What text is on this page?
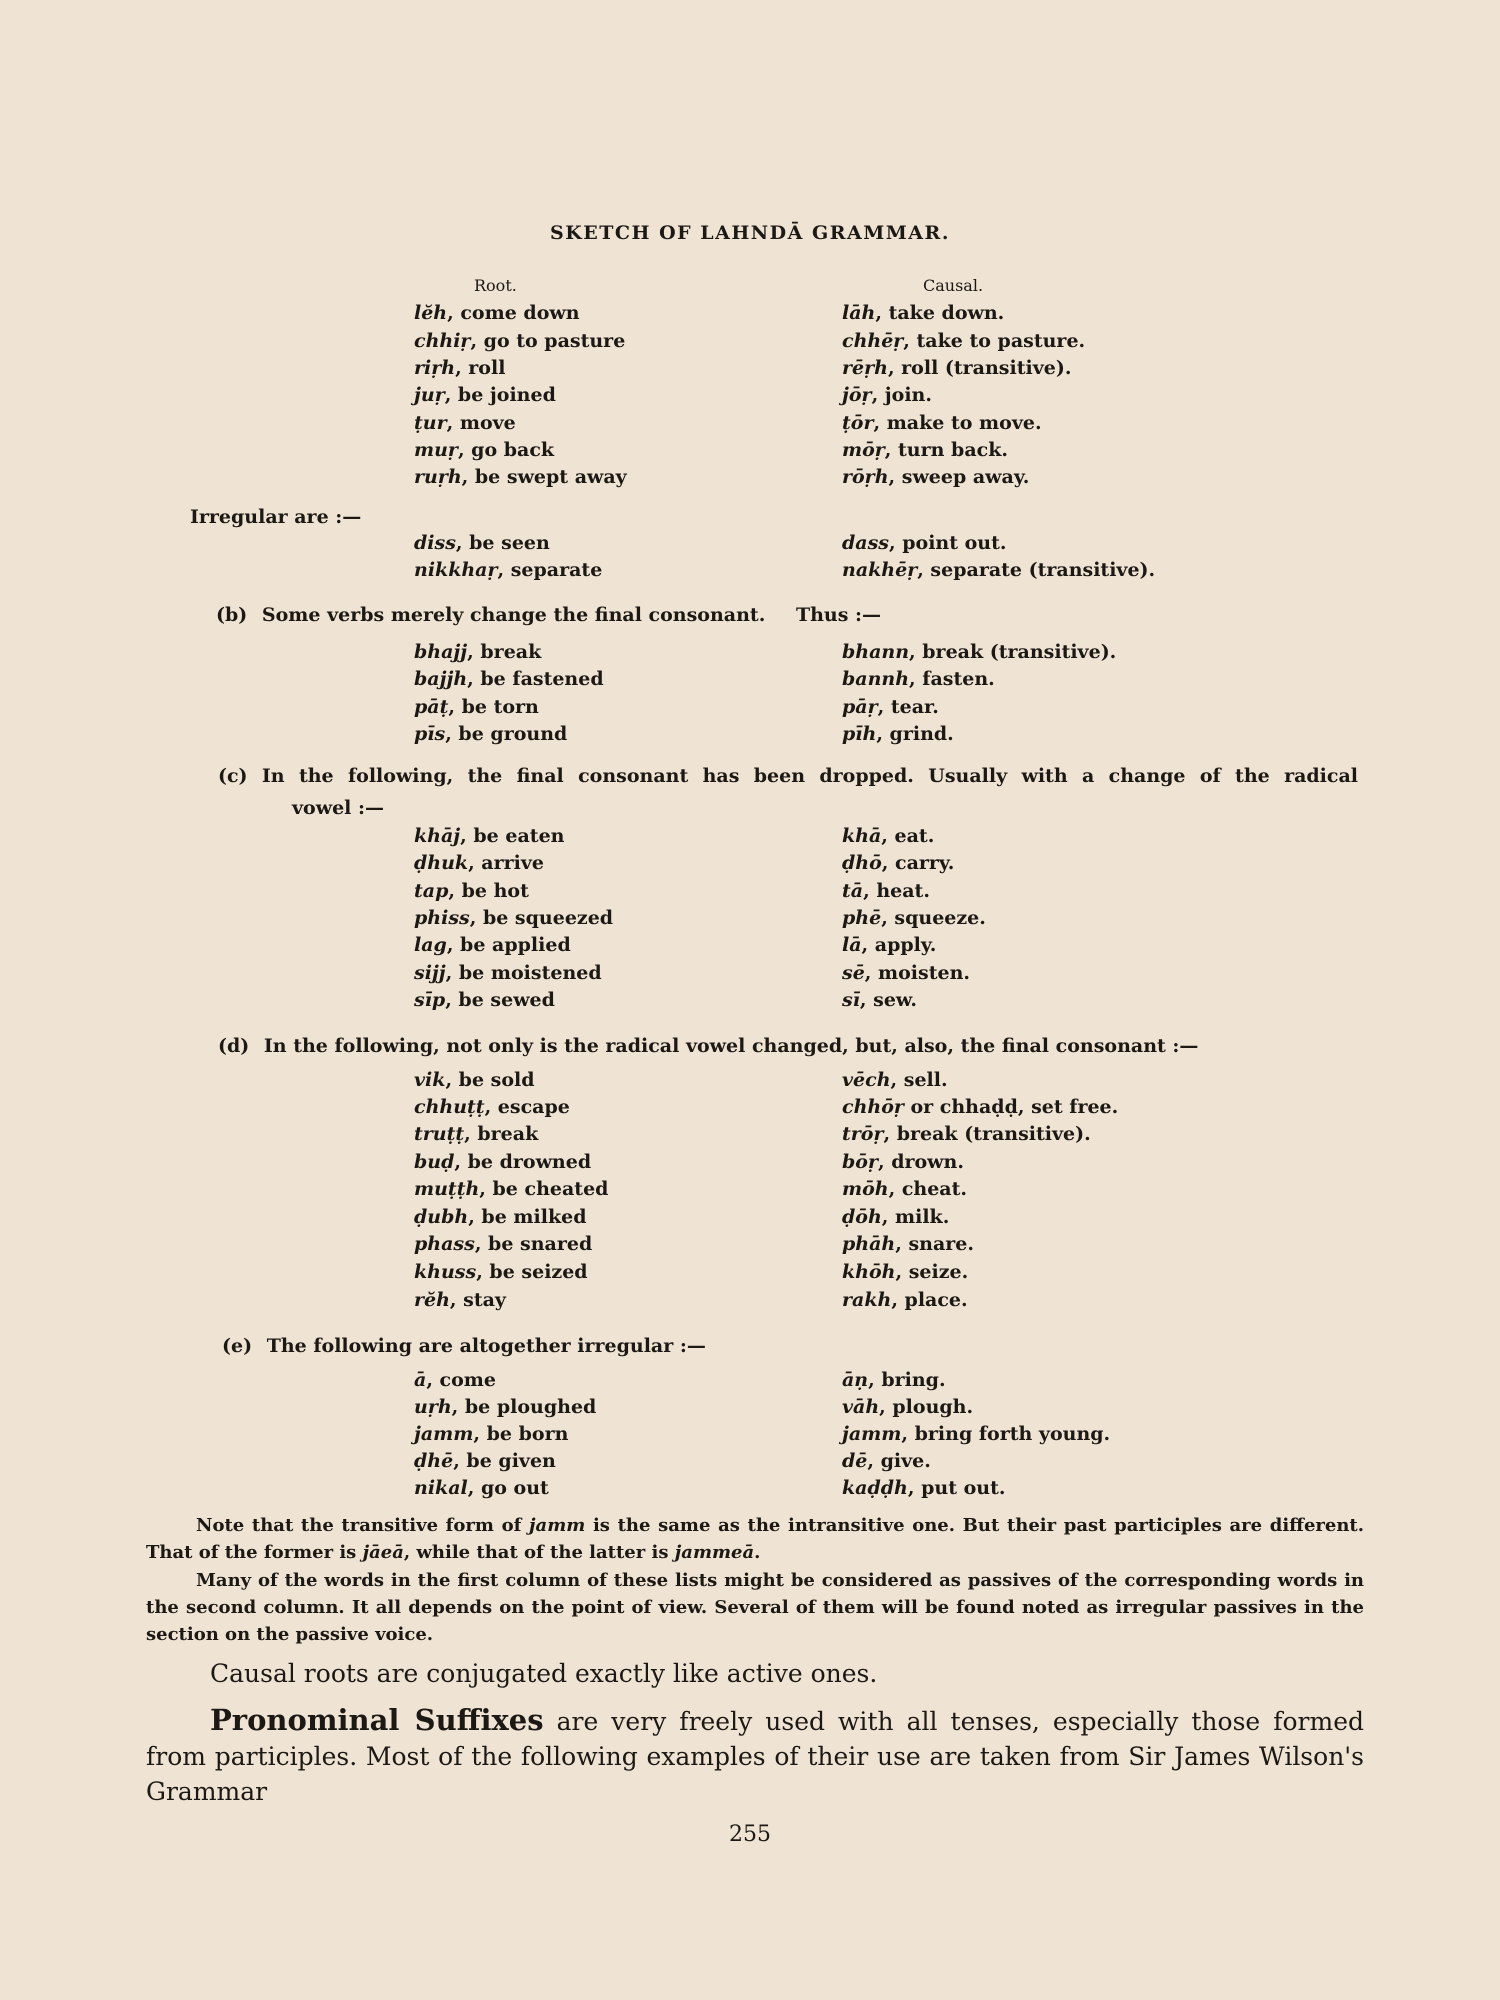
SKETCH OF LAHNDĀ GRAMMAR.
Root.	Causal.
lĕh, come down	lāh, take down.
chhiṛ, go to pasture	chhēṛ, take to pasture.
riṛh, roll	rēṛh, roll (transitive).
juṛ, be joined	jōṛ, join.
ṭur, move	ṭōr, make to move.
muṛ, go back	mōṛ, turn back.
ruṛh, be swept away	rōṛh, sweep away.
Irregular are :—
diss, be seen	dass, point out.
nikkhaṛ, separate	nakhēṛ, separate (transitive).
(b) Some verbs merely change the final consonant. Thus :—
bhajj, break	bhann, break (transitive).
bajjh, be fastened	bannh, fasten.
pāṭ, be torn	pāṛ, tear.
pīs, be ground	pīh, grind.
(c) In the following, the final consonant has been dropped. Usually with a change of the radical
vowel :—
khāj, be eaten	khā, eat.
ḍhuk, arrive	ḍhō, carry.
tap, be hot	tā, heat.
phiss, be squeezed	phē, squeeze.
lag, be applied	lā, apply.
sijj, be moistened	sē, moisten.
sīp, be sewed	sī, sew.
(d) In the following, not only is the radical vowel changed, but, also, the final consonant :—
vik, be sold	vēch, sell.
chhuṭṭ, escape	chhōṛ or chhaḍḍ, set free.
truṭṭ, break	trōṛ, break (transitive).
buḍ, be drowned	bōṛ, drown.
muṭṭh, be cheated	mōh, cheat.
ḍubh, be milked	ḍōh, milk.
phass, be snared	phāh, snare.
khuss, be seized	khōh, seize.
rĕh, stay	rakh, place.
(e) The following are altogether irregular :—
ā, come	āṇ, bring.
uṛh, be ploughed	vāh, plough.
jamm, be born	jamm, bring forth young.
ḍhē, be given	dē, give.
nikal, go out	kaḍḍh, put out.
Note that the transitive form of jamm is the same as the intransitive one. But their past participles are different. That of the former is jāeā, while that of the latter is jammeā.
Many of the words in the first column of these lists might be considered as passives of the corresponding words in the second column. It all depends on the point of view. Several of them will be found noted as irregular passives in the section on the passive voice.
Causal roots are conjugated exactly like active ones.
Pronominal Suffixes are very freely used with all tenses, especially those formed from participles. Most of the following examples of their use are taken from Sir James Wilson's Grammar
255
